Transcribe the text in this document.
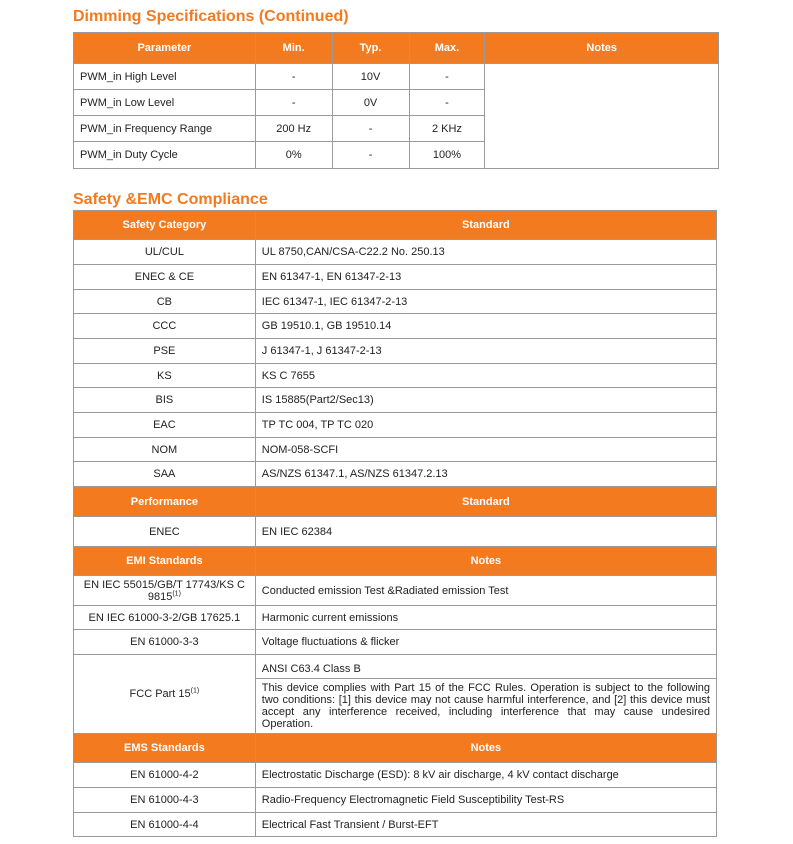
Dimming Specifications (Continued)
Parameter	Min.	Typ.	Max.	Notes
PWM_in High Level	-	10V	-	
PWM_in Low Level	-	0V	-	
PWM_in Frequency Range	200 Hz	-	2 KHz	
PWM_in Duty Cycle	0%	-	100%	
Safety &EMC Compliance
Safety Category	Standard
UL/CUL	UL 8750,CAN/CSA-C22.2 No. 250.13
ENEC & CE	EN 61347-1, EN 61347-2-13
CB	IEC 61347-1, IEC 61347-2-13
CCC	GB 19510.1, GB 19510.14
PSE	J 61347-1, J 61347-2-13
KS	KS C 7655
BIS	IS 15885(Part2/Sec13)
EAC	TP TC 004, TP TC 020
NOM	NOM-058-SCFI
SAA	AS/NZS 61347.1, AS/NZS 61347.2.13
Performance	Standard
ENEC	EN IEC 62384
EMI Standards	Notes
EN IEC 55015/GB/T 17743/KS C 9815$^{(1)}$	Conducted emission Test &Radiated emission Test
EN IEC 61000-3-2/GB 17625.1	Harmonic current emissions
EN 61000-3-3	Voltage fluctuations & flicker
FCC Part 15$^{(1)}$	ANSI C63.4 Class B
This device complies with Part 15 of the FCC Rules. Operation is subject to the following two conditions: [1] this device may not cause harmful interference, and [2] this device must accept any interference received, including interference that may cause undesired Operation.

EMS Standards	Notes
EN 61000-4-2	Electrostatic Discharge (ESD): 8 kV air discharge, 4 kV contact discharge
EN 61000-4-3	Radio-Frequency Electromagnetic Field Susceptibility Test-RS
EN 61000-4-4	Electrical Fast Transient / Burst-EFT
